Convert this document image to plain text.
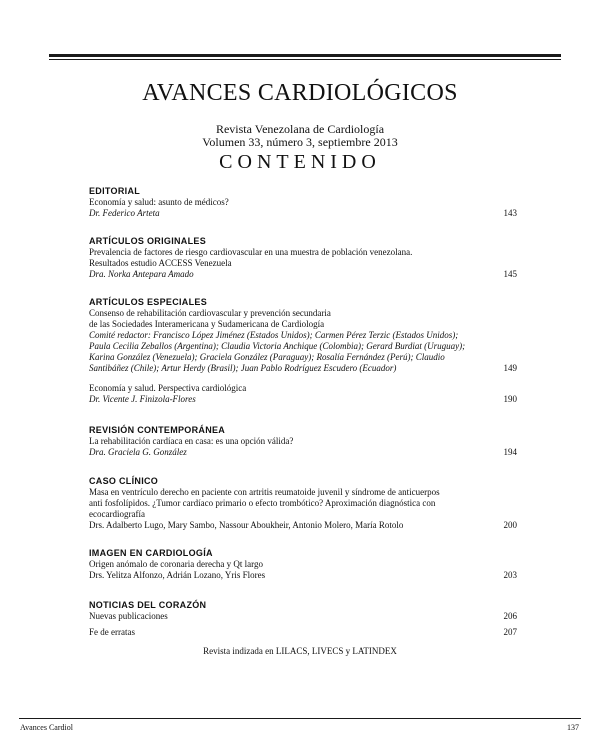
AVANCES CARDIOLÓGICOS
Revista Venezolana de Cardiología
Volumen 33, número 3, septiembre 2013
CONTENIDO
EDITORIAL
Economía y salud: asunto de médicos?
Dr. Federico Arteta	143
ARTÍCULOS ORIGINALES
Prevalencia de factores de riesgo cardiovascular en una muestra de población venezolana.
Resultados estudio ACCESS Venezuela
Dra. Norka Antepara Amado	145
ARTÍCULOS ESPECIALES
Consenso de rehabilitación cardiovascular y prevención secundaria
de las Sociedades Interamericana y Sudamericana de Cardiología
Comité redactor: Francisco López Jiménez (Estados Unidos); Carmen Pérez Terzic (Estados Unidos);
Paula Cecilia Zeballos (Argentina); Claudia Victoria Anchique (Colombia); Gerard Burdiat (Uruguay);
Karina González (Venezuela); Graciela González (Paraguay); Rosalía Fernández (Perú); Claudio
Santibáñez (Chile); Artur Herdy (Brasil); Juan Pablo Rodríguez Escudero (Ecuador)	149
Economía y salud. Perspectiva cardiológica
Dr. Vicente J. Finizola-Flores	190
REVISIÓN CONTEMPORÁNEA
La rehabilitación cardíaca en casa: es una opción válida?
Dra. Graciela G. González	194
CASO CLÍNICO
Masa en ventrículo derecho en paciente con artritis reumatoide juvenil y síndrome de anticuerpos
anti fosfolípidos. ¿Tumor cardíaco primario o efecto trombótico? Aproximación diagnóstica con
ecocardiografía
Drs. Adalberto Lugo, Mary Sambo, Nassour Aboukheir, Antonio Molero, María Rotolo	200
IMAGEN EN CARDIOLOGÍA
Origen anómalo de coronaria derecha y Qt largo
Drs. Yelitza Alfonzo, Adrián Lozano, Yris Flores	203
NOTICIAS DEL CORAZÓN
Nuevas publicaciones	206
Fe de erratas	207
Revista indizada en LILACS, LIVECS y LATINDEX
Avances Cardiol	137
